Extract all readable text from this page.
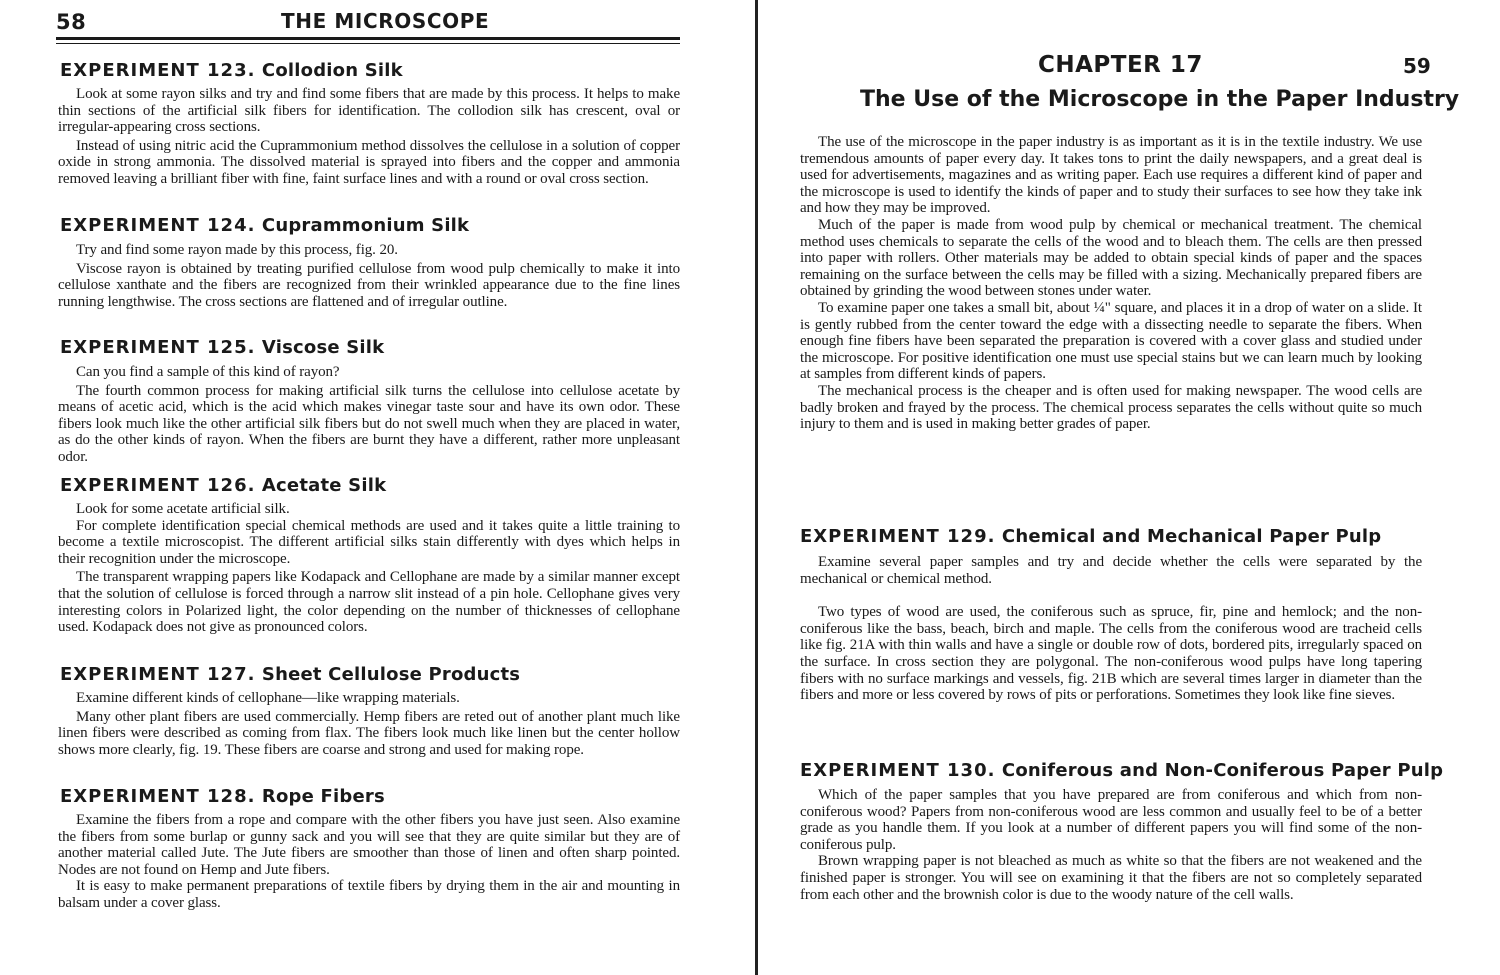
58	THE MICROSCOPE
EXPERIMENT 123. Collodion Silk

Look at some rayon silks and try and find some fibers that are made by this process. It helps to make thin sections of the artificial silk fibers for identification. The collodion silk has crescent, oval or irregular-appearing cross sections.

Instead of using nitric acid the Cuprammonium method dissolves the cellulose in a solution of copper oxide in strong ammonia. The dissolved material is sprayed into fibers and the copper and ammonia removed leaving a brilliant fiber with fine, faint surface lines and with a round or oval cross section.

EXPERIMENT 124. Cuprammonium Silk

Try and find some rayon made by this process, fig. 20.

Viscose rayon is obtained by treating purified cellulose from wood pulp chemically to make it into cellulose xanthate and the fibers are recognized from their wrinkled appearance due to the fine lines running lengthwise. The cross sections are flattened and of irregular outline.

EXPERIMENT 125. Viscose Silk

Can you find a sample of this kind of rayon?

The fourth common process for making artificial silk turns the cellulose into cellulose acetate by means of acetic acid, which is the acid which makes vinegar taste sour and have its own odor. These fibers look much like the other artificial silk fibers but do not swell much when they are placed in water, as do the other kinds of rayon. When the fibers are burnt they have a different, rather more unpleasant odor.

EXPERIMENT 126. Acetate Silk

Look for some acetate artificial silk.

For complete identification special chemical methods are used and it takes quite a little training to become a textile microscopist. The different artificial silks stain differently with dyes which helps in their recognition under the microscope.

The transparent wrapping papers like Kodapack and Cellophane are made by a similar manner except that the solution of cellulose is forced through a narrow slit instead of a pin hole. Cellophane gives very interesting colors in Polarized light, the color depending on the number of thicknesses of cellophane used. Kodapack does not give as pronounced colors.

EXPERIMENT 127. Sheet Cellulose Products

Examine different kinds of cellophane—like wrapping materials.

Many other plant fibers are used commercially. Hemp fibers are reted out of another plant much like linen fibers were described as coming from flax. The fibers look much like linen but the center hollow shows more clearly, fig. 19. These fibers are coarse and strong and used for making rope.

EXPERIMENT 128. Rope Fibers

Examine the fibers from a rope and compare with the other fibers you have just seen. Also examine the fibers from some burlap or gunny sack and you will see that they are quite similar but they are of another material called Jute. The Jute fibers are smoother than those of linen and often sharp pointed. Nodes are not found on Hemp and Jute fibers.

It is easy to make permanent preparations of textile fibers by drying them in the air and mounting in balsam under a cover glass.

CHAPTER 17	59
The Use of the Microscope in the Paper Industry

The use of the microscope in the paper industry is as important as it is in the textile industry. We use tremendous amounts of paper every day. It takes tons to print the daily newspapers, and a great deal is used for advertisements, magazines and as writing paper. Each use requires a different kind of paper and the microscope is used to identify the kinds of paper and to study their surfaces to see how they take ink and how they may be improved.

Much of the paper is made from wood pulp by chemical or mechanical treatment. The chemical method uses chemicals to separate the cells of the wood and to bleach them. The cells are then pressed into paper with rollers. Other materials may be added to obtain special kinds of paper and the spaces remaining on the surface between the cells may be filled with a sizing. Mechanically prepared fibers are obtained by grinding the wood between stones under water.

To examine paper one takes a small bit, about ¼" square, and places it in a drop of water on a slide. It is gently rubbed from the center toward the edge with a dissecting needle to separate the fibers. When enough fine fibers have been separated the preparation is covered with a cover glass and studied under the microscope. For positive identification one must use special stains but we can learn much by looking at samples from different kinds of papers.

The mechanical process is the cheaper and is often used for making newspaper. The wood cells are badly broken and frayed by the process. The chemical process separates the cells without quite so much injury to them and is used in making better grades of paper.

EXPERIMENT 129. Chemical and Mechanical Paper Pulp

Examine several paper samples and try and decide whether the cells were separated by the mechanical or chemical method.

Two types of wood are used, the coniferous such as spruce, fir, pine and hemlock; and the non-coniferous like the bass, beach, birch and maple. The cells from the coniferous wood are tracheid cells like fig. 21A with thin walls and have a single or double row of dots, bordered pits, irregularly spaced on the surface. In cross section they are polygonal. The non-coniferous wood pulps have long tapering fibers with no surface markings and vessels, fig. 21B which are several times larger in diameter than the fibers and more or less covered by rows of pits or perforations. Sometimes they look like fine sieves.

EXPERIMENT 130. Coniferous and Non-Coniferous Paper Pulp

Which of the paper samples that you have prepared are from coniferous and which from non-coniferous wood? Papers from non-coniferous wood are less common and usually feel to be of a better grade as you handle them. If you look at a number of different papers you will find some of the non-coniferous pulp.

Brown wrapping paper is not bleached as much as white so that the fibers are not weakened and the finished paper is stronger. You will see on examining it that the fibers are not so completely separated from each other and the brownish color is due to the woody nature of the cell walls.
